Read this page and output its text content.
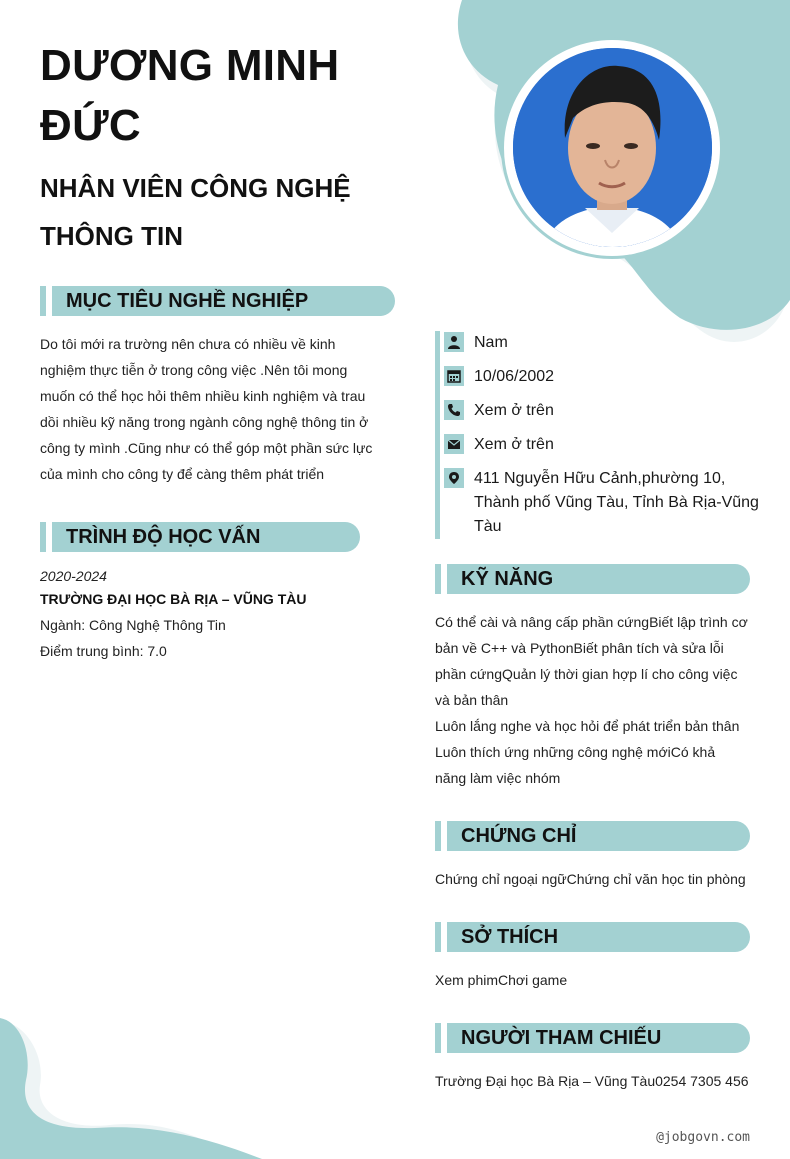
DƯƠNG MINH ĐỨC
NHÂN VIÊN CÔNG NGHỆ THÔNG TIN
MỤC TIÊU NGHỀ NGHIỆP
Do tôi mới ra trường nên chưa có nhiều về kinh nghiệm thực tiễn ở trong công việc .Nên tôi mong muốn có thể học hỏi thêm nhiều kinh nghiệm và trau dồi nhiều kỹ năng trong ngành công nghệ thông tin ở công ty mình .Cũng như có thể góp một phần sức lực của mình cho công ty để càng thêm phát triển
TRÌNH ĐỘ HỌC VẤN
2020-2024
TRƯỜNG ĐẠI HỌC BÀ RỊA – VŨNG TÀU
Ngành: Công Nghệ Thông Tin
Điểm trung bình: 7.0
Nam
10/06/2002
Xem ở trên
Xem ở trên
411 Nguyễn Hữu Cảnh,phường 10, Thành phố Vũng Tàu, Tỉnh Bà Rịa-Vũng Tàu
KỸ NĂNG
Có thể cài và nâng cấp phần cứngBiết lập trình cơ bản về C++ và PythonBiết phân tích và sửa lỗi phần cứngQuản lý thời gian hợp lí cho công việc và bản thân
Luôn lắng nghe và học hỏi để phát triển bản thân Luôn thích ứng những công nghệ mớiCó khả năng làm việc nhóm
CHỨNG CHỈ
Chứng chỉ ngoại ngữChứng chỉ văn học tin phòng
SỞ THÍCH
Xem phimChơi game
NGƯỜI THAM CHIẾU
Trường Đại học Bà Rịa – Vũng Tàu0254 7305 456
@jobgovn.com
